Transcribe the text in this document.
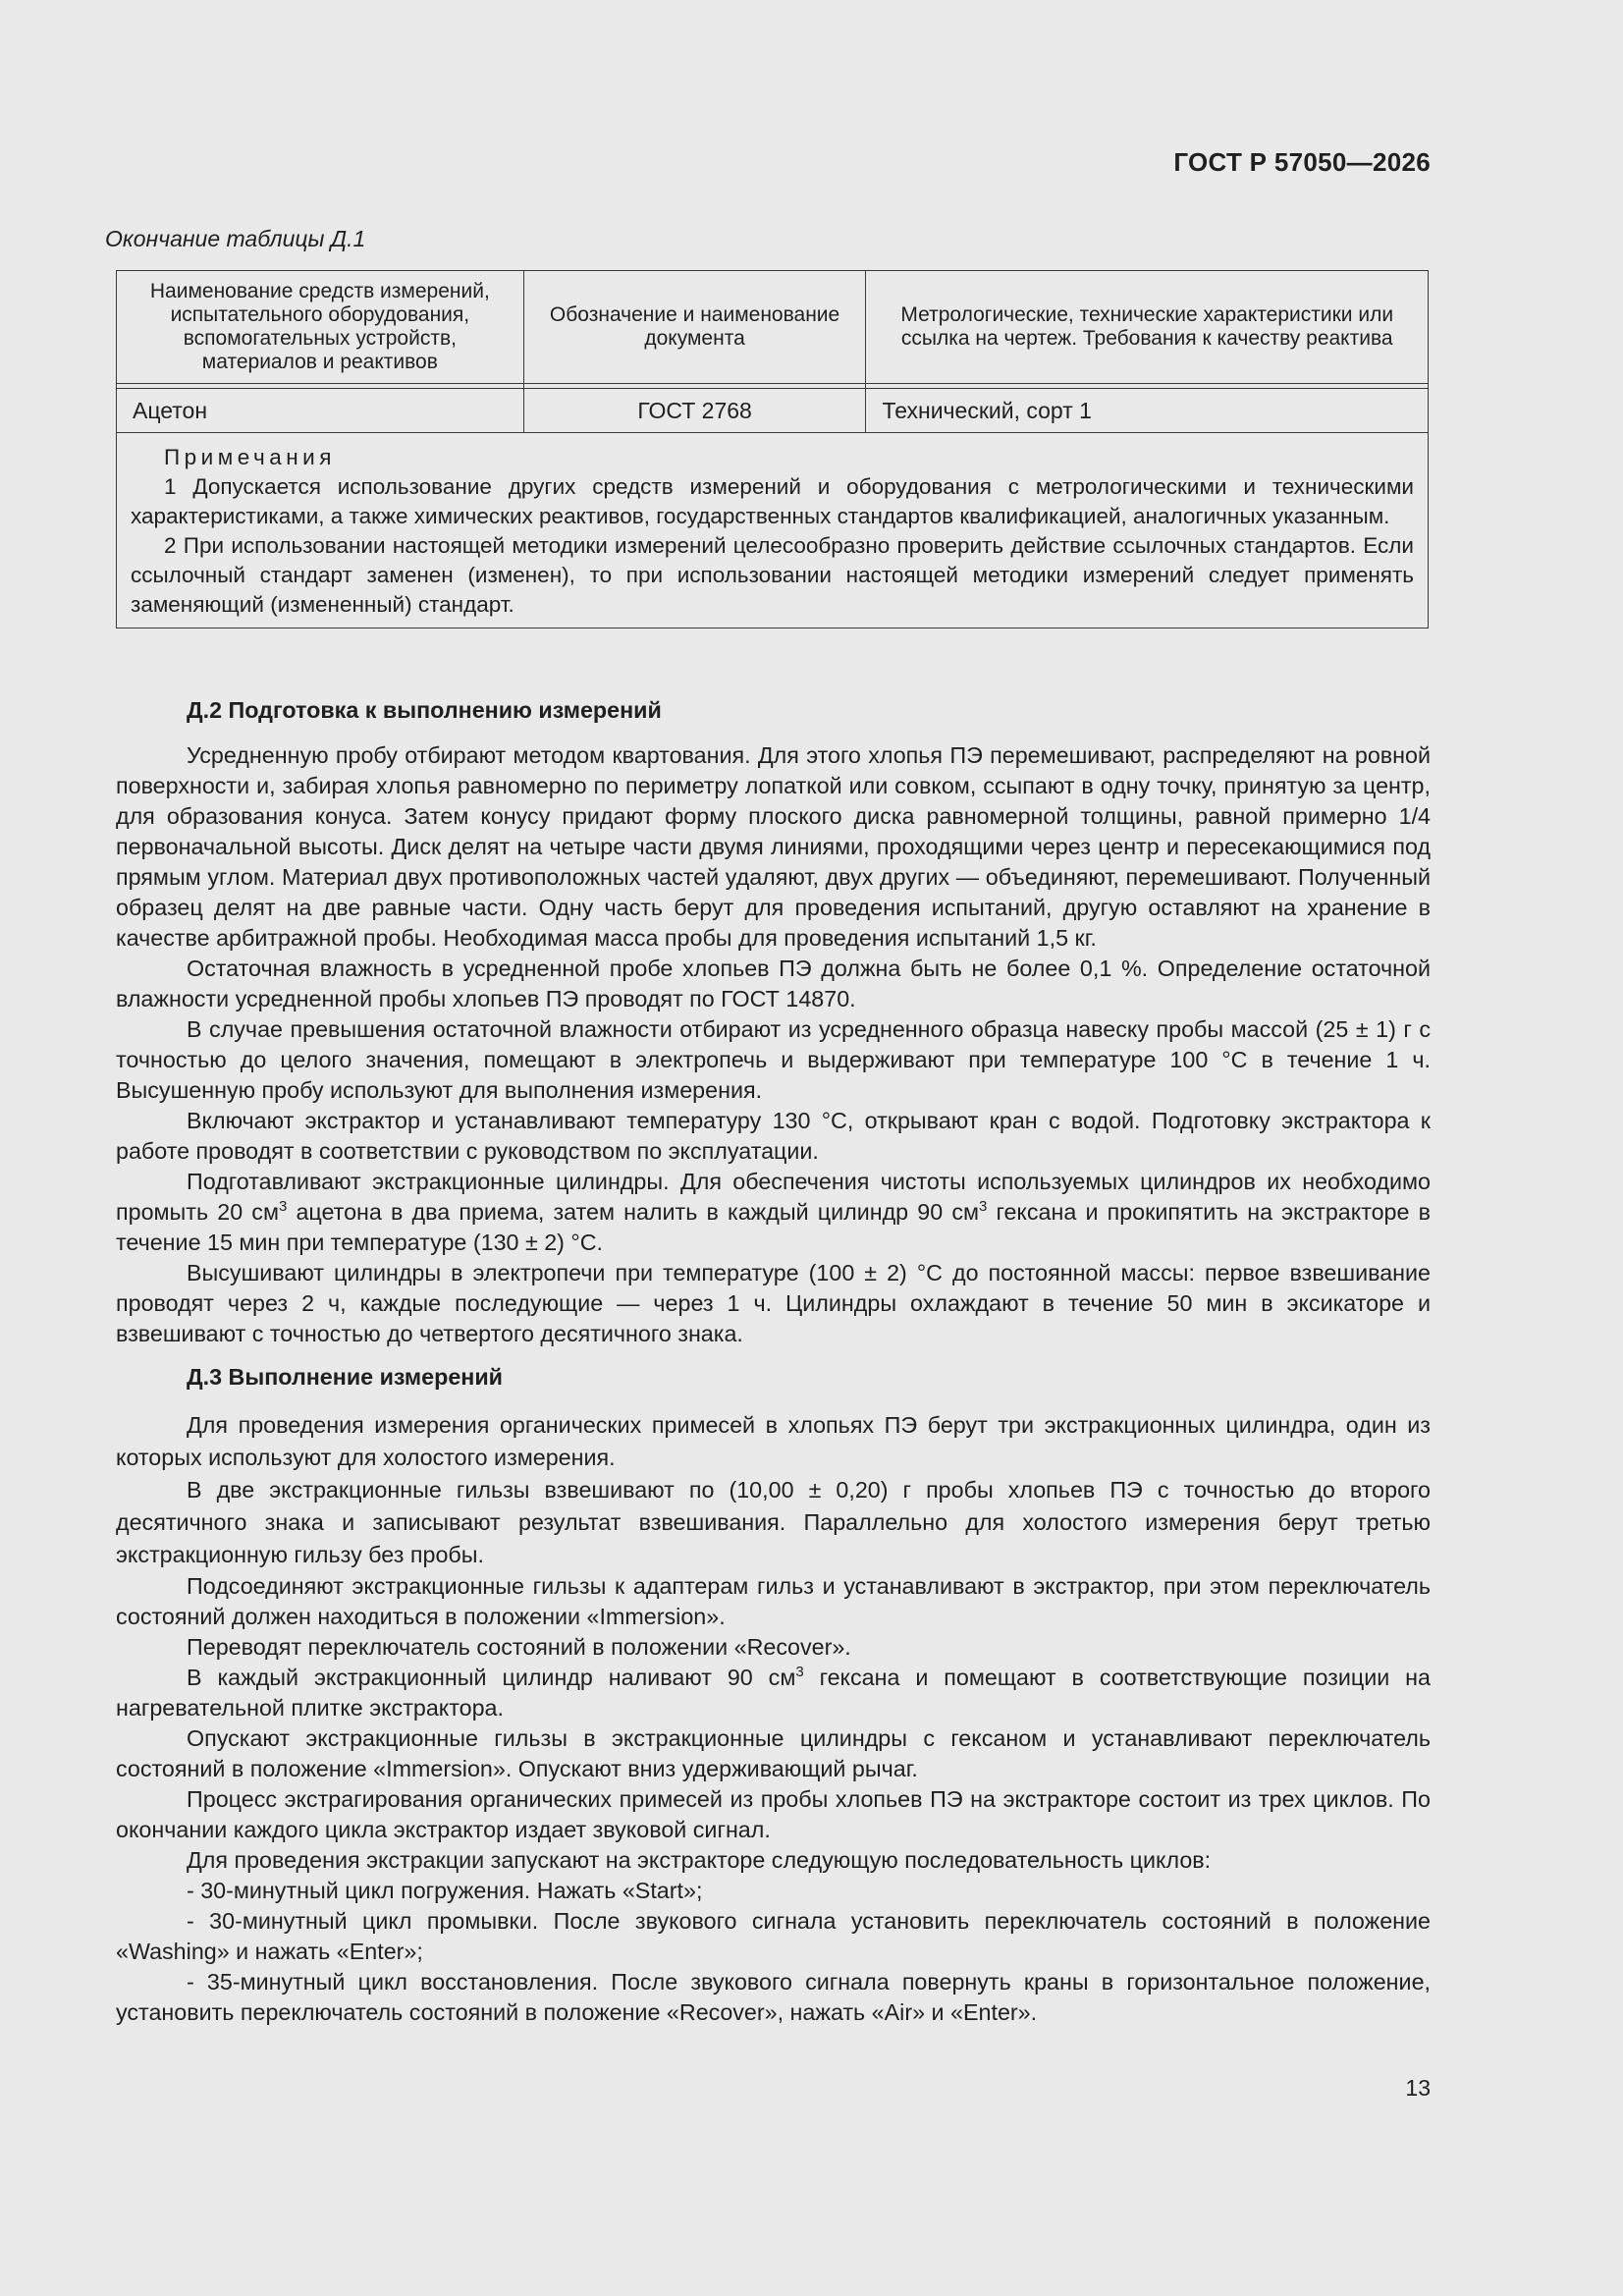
ГОСТ Р 57050—2026
Окончание таблицы Д.1
Наименование средств измерений, испытательного оборудования, вспомогательных устройств, материалов и реактивов	Обозначение и наименование документа	Метрологические, технические характеристики или ссылка на чертеж. Требования к качеству реактива

Ацетон	ГОСТ 2768	Технический, сорт 1

Примечания

1 Допускается использование других средств измерений и оборудования с метрологическими и техническими характеристиками, а также химических реактивов, государственных стандартов квалификацией, аналогичных указанным.

2 При использовании настоящей методики измерений целесообразно проверить действие ссылочных стандартов. Если ссылочный стандарт заменен (изменен), то при использовании настоящей методики измерений следует применять заменяющий (измененный) стандарт.		

Д.2 Подготовка к выполнению измерений

Усредненную пробу отбирают методом квартования. Для этого хлопья ПЭ перемешивают, распределяют на ровной поверхности и, забирая хлопья равномерно по периметру лопаткой или совком, ссыпают в одну точку, принятую за центр, для образования конуса. Затем конусу придают форму плоского диска равномерной толщины, равной примерно 1/4 первоначальной высоты. Диск делят на четыре части двумя линиями, проходящими через центр и пересекающимися под прямым углом. Материал двух противоположных частей удаляют, двух других — объединяют, перемешивают. Полученный образец делят на две равные части. Одну часть берут для проведения испытаний, другую оставляют на хранение в качестве арбитражной пробы. Необходимая масса пробы для проведения испытаний 1,5 кг.

Остаточная влажность в усредненной пробе хлопьев ПЭ должна быть не более 0,1 %. Определение остаточной влажности усредненной пробы хлопьев ПЭ проводят по ГОСТ 14870.

В случае превышения остаточной влажности отбирают из усредненного образца навеску пробы массой (25 ± 1) г с точностью до целого значения, помещают в электропечь и выдерживают при температуре 100 °С в течение 1 ч. Высушенную пробу используют для выполнения измерения.

Включают экстрактор и устанавливают температуру 130 °С, открывают кран с водой. Подготовку экстрактора к работе проводят в соответствии с руководством по эксплуатации.

Подготавливают экстракционные цилиндры. Для обеспечения чистоты используемых цилиндров их необходимо промыть 20 $см^3$ ацетона в два приема, затем налить в каждый цилиндр 90 $см^3$ гексана и прокипятить на экстракторе в течение 15 мин при температуре (130 ± 2) °С.

Высушивают цилиндры в электропечи при температуре (100 ± 2) °С до постоянной массы: первое взвешивание проводят через 2 ч, каждые последующие — через 1 ч. Цилиндры охлаждают в течение 50 мин в эксикаторе и взвешивают с точностью до четвертого десятичного знака.

Д.3 Выполнение измерений

Для проведения измерения органических примесей в хлопьях ПЭ берут три экстракционных цилиндра, один из которых используют для холостого измерения.

В две экстракционные гильзы взвешивают по (10,00 ± 0,20) г пробы хлопьев ПЭ с точностью до второго десятичного знака и записывают результат взвешивания. Параллельно для холостого измерения берут третью экстракционную гильзу без пробы.

Подсоединяют экстракционные гильзы к адаптерам гильз и устанавливают в экстрактор, при этом переключатель состояний должен находиться в положении «Immersion».

Переводят переключатель состояний в положении «Recover».

В каждый экстракционный цилиндр наливают 90 $см^3$ гексана и помещают в соответствующие позиции на нагревательной плитке экстрактора.

Опускают экстракционные гильзы в экстракционные цилиндры с гексаном и устанавливают переключатель состояний в положение «Immersion». Опускают вниз удерживающий рычаг.

Процесс экстрагирования органических примесей из пробы хлопьев ПЭ на экстракторе состоит из трех циклов. По окончании каждого цикла экстрактор издает звуковой сигнал.

Для проведения экстракции запускают на экстракторе следующую последовательность циклов:

- 30-минутный цикл погружения. Нажать «Start»;

- 30-минутный цикл промывки. После звукового сигнала установить переключатель состояний в положение «Washing» и нажать «Enter»;

- 35-минутный цикл восстановления. После звукового сигнала повернуть краны в горизонтальное положение, установить переключатель состояний в положение «Recover», нажать «Air» и «Enter».

13
